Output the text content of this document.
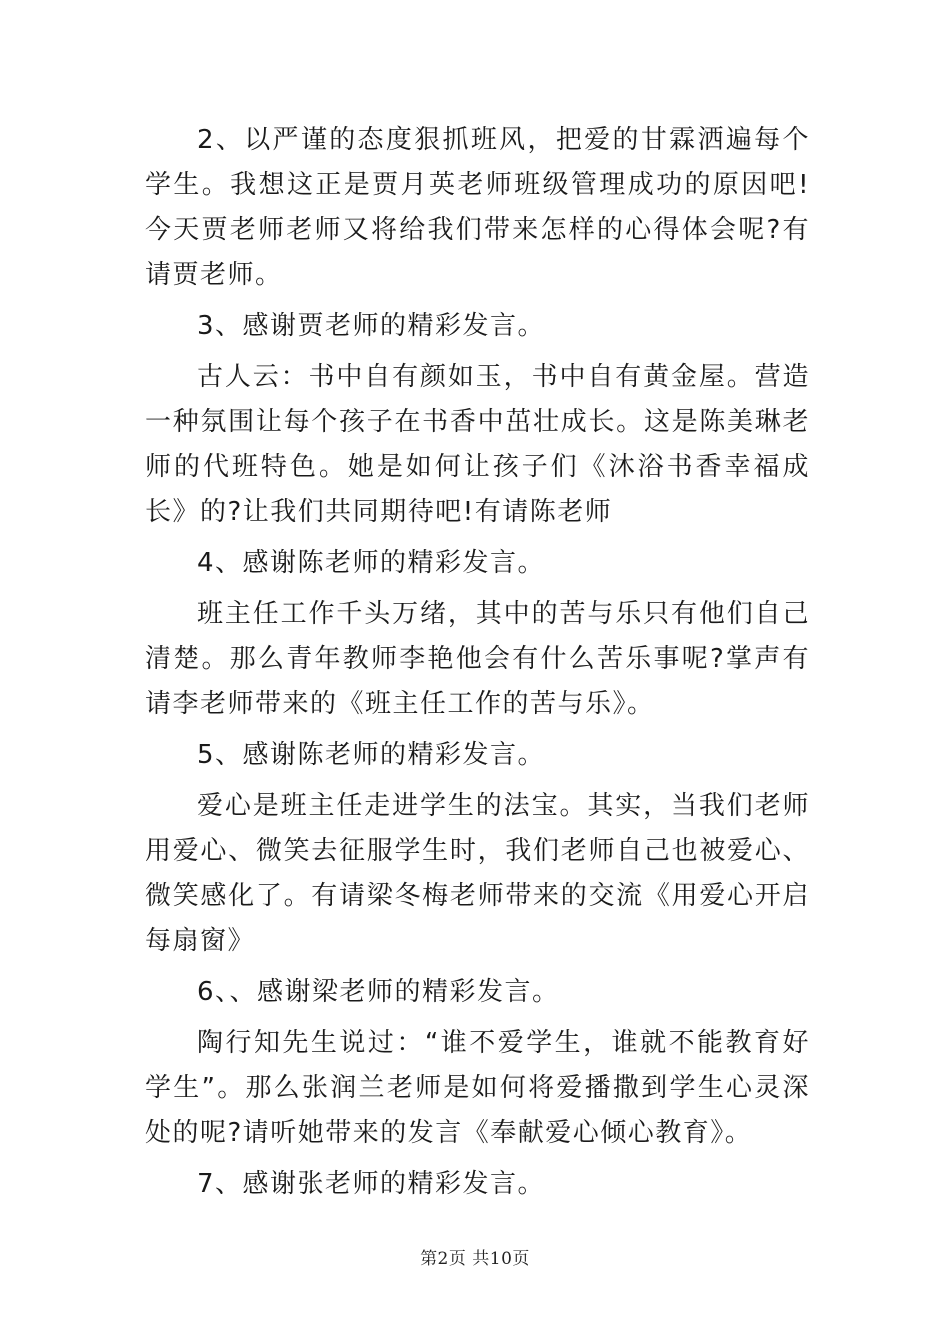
2、以严谨的态度狠抓班风，把爱的甘霖洒遍每个学生。我想这正是贾月英老师班级管理成功的原因吧!今天贾老师老师又将给我们带来怎样的心得体会呢?有请贾老师。

3、感谢贾老师的精彩发言。

古人云：书中自有颜如玉，书中自有黄金屋。营造一种氛围让每个孩子在书香中茁壮成长。这是陈美琳老师的代班特色。她是如何让孩子们《沐浴书香幸福成长》的?让我们共同期待吧!有请陈老师

4、感谢陈老师的精彩发言。

班主任工作千头万绪，其中的苦与乐只有他们自己清楚。那么青年教师李艳他会有什么苦乐事呢?掌声有请李老师带来的《班主任工作的苦与乐》。

5、感谢陈老师的精彩发言。

爱心是班主任走进学生的法宝。其实，当我们老师用爱心、微笑去征服学生时，我们老师自己也被爱心、微笑感化了。有请梁冬梅老师带来的交流《用爱心开启每扇窗》

6、、感谢梁老师的精彩发言。

陶行知先生说过：“谁不爱学生，谁就不能教育好学生”。那么张润兰老师是如何将爱播撒到学生心灵深处的呢?请听她带来的发言《奉献爱心倾心教育》。

7、感谢张老师的精彩发言。

第2页 共10页
